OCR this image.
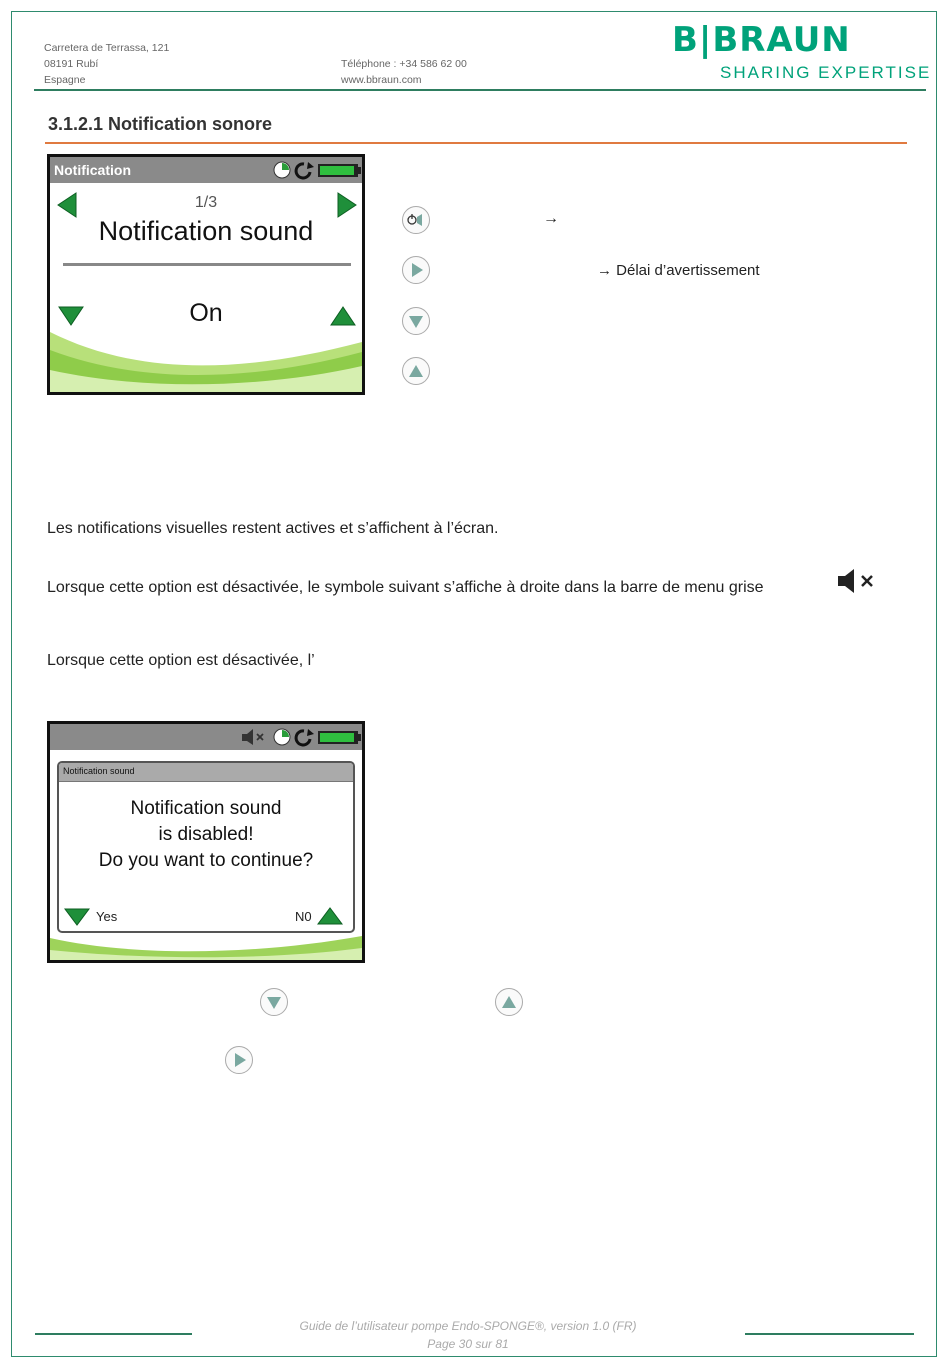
Carretera de Terrassa, 121
08191 Rubí
Espagne
Téléphone : +34 586 62 00
www.bbraun.com
B|BRAUN
SHARING EXPERTISE
3.1.2.1 Notification sonore
Notification
1/3
Notification sound
On
→
→ Délai d’avertissement
Les notifications visuelles restent actives et s’affichent à l’écran.
Lorsque cette option est désactivée, le symbole suivant s’affiche à droite dans la barre de menu grise
Lorsque cette option est désactivée, l’
Notification sound
Notification sound
is disabled!
Do you want to continue?
Yes	N0
Guide de l’utilisateur pompe Endo-SPONGE®, version 1.0 (FR)
Page 30 sur 81
